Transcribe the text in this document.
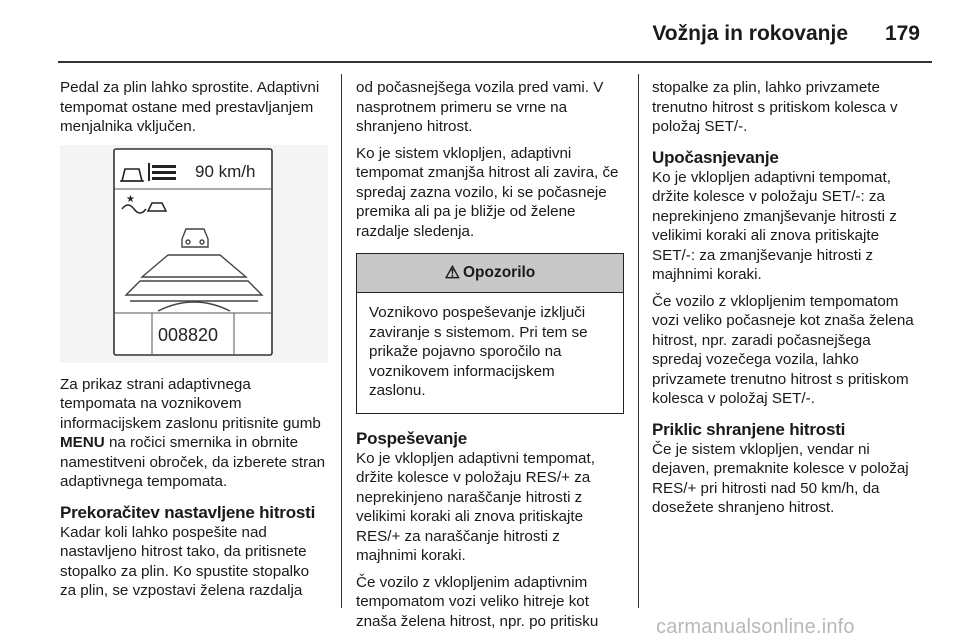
Vožnja in rokovanje 179

Pedal za plin lahko sprostite. Adaptivni tempomat ostane med prestavljanjem menjalnika vključen.

90 km/h
★
008820

Za prikaz strani adaptivnega tempomata na voznikovem informacijskem zaslonu pritisnite gumb MENU na ročici smernika in obrnite namestitveni obroček, da izberete stran adaptivnega tempomata.

Prekoračitev nastavljene hitrosti

Kadar koli lahko pospešite nad nastavljeno hitrost tako, da pritisnete stopalko za plin. Ko spustite stopalko za plin, se vzpostavi želena razdalja

od počasnejšega vozila pred vami. V nasprotnem primeru se vrne na shranjeno hitrost.

Ko je sistem vklopljen, adaptivni tempomat zmanjša hitrost ali zavira, če spredaj zazna vozilo, ki se počasneje premika ali pa je bližje od želene razdalje sledenja.

⚠ Opozorilo
Voznikovo pospeševanje izklјuči zaviranje s sistemom. Pri tem se prikaže pojavno sporočilo na voznikovem informacijskem zaslonu.
Pospeševanje

Ko je vklopljen adaptivni tempomat, držite kolesce v položaju RES/+ za neprekinjeno naraščanje hitrosti z velikimi koraki ali znova pritiskajte RES/+ za naraščanje hitrosti z majhnimi koraki.

Če vozilo z vklopljenim adaptivnim tempomatom vozi veliko hitreje kot znaša želena hitrost, npr. po pritisku

stopalke za plin, lahko privzamete trenutno hitrost s pritiskom kolesca v položaj SET/-.

Upočasnjevanje

Ko je vklopljen adaptivni tempomat, držite kolesce v položaju SET/-: za neprekinjeno zmanjševanje hitrosti z velikimi koraki ali znova pritiskajte SET/-: za zmanjševanje hitrosti z majhnimi koraki.

Če vozilo z vklopljenim tempomatom vozi veliko počasneje kot znaša želena hitrost, npr. zaradi počasnejšega spredaj vozečega vozila, lahko privzamete trenutno hitrost s pritiskom kolesca v položaj SET/-.

Priklic shranjene hitrosti

Če je sistem vklopljen, vendar ni dejaven, premaknite kolesce v položaj RES/+ pri hitrosti nad 50 km/h, da dosežete shranjeno hitrost.

carmanualsonline.info
